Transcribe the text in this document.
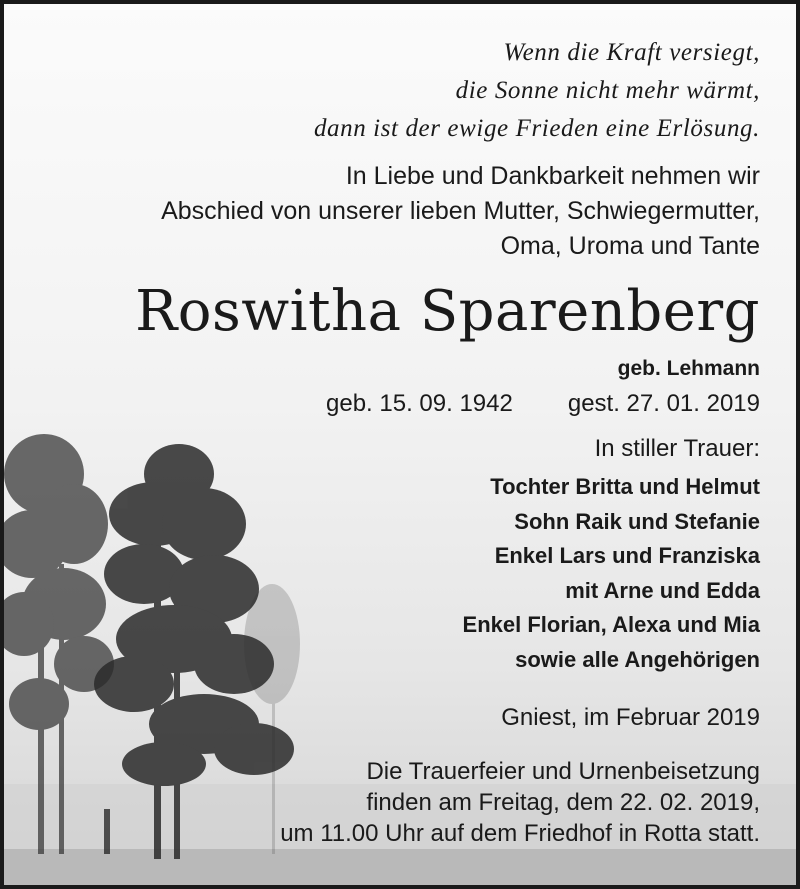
Wenn die Kraft versiegt,
die Sonne nicht mehr wärmt,
dann ist der ewige Frieden eine Erlösung.
In Liebe und Dankbarkeit nehmen wir
Abschied von unserer lieben Mutter, Schwiegermutter,
Oma, Uroma und Tante
Roswitha Sparenberg
geb. Lehmann
geb. 15. 09. 1942 gest. 27. 01. 2019
In stiller Trauer:
Tochter Britta und Helmut
Sohn Raik und Stefanie
Enkel Lars und Franziska
mit Arne und Edda
Enkel Florian, Alexa und Mia
sowie alle Angehörigen
Gniest, im Februar 2019
Die Trauerfeier und Urnenbeisetzung
finden am Freitag, dem 22. 02. 2019,
um 11.00 Uhr auf dem Friedhof in Rotta statt.
